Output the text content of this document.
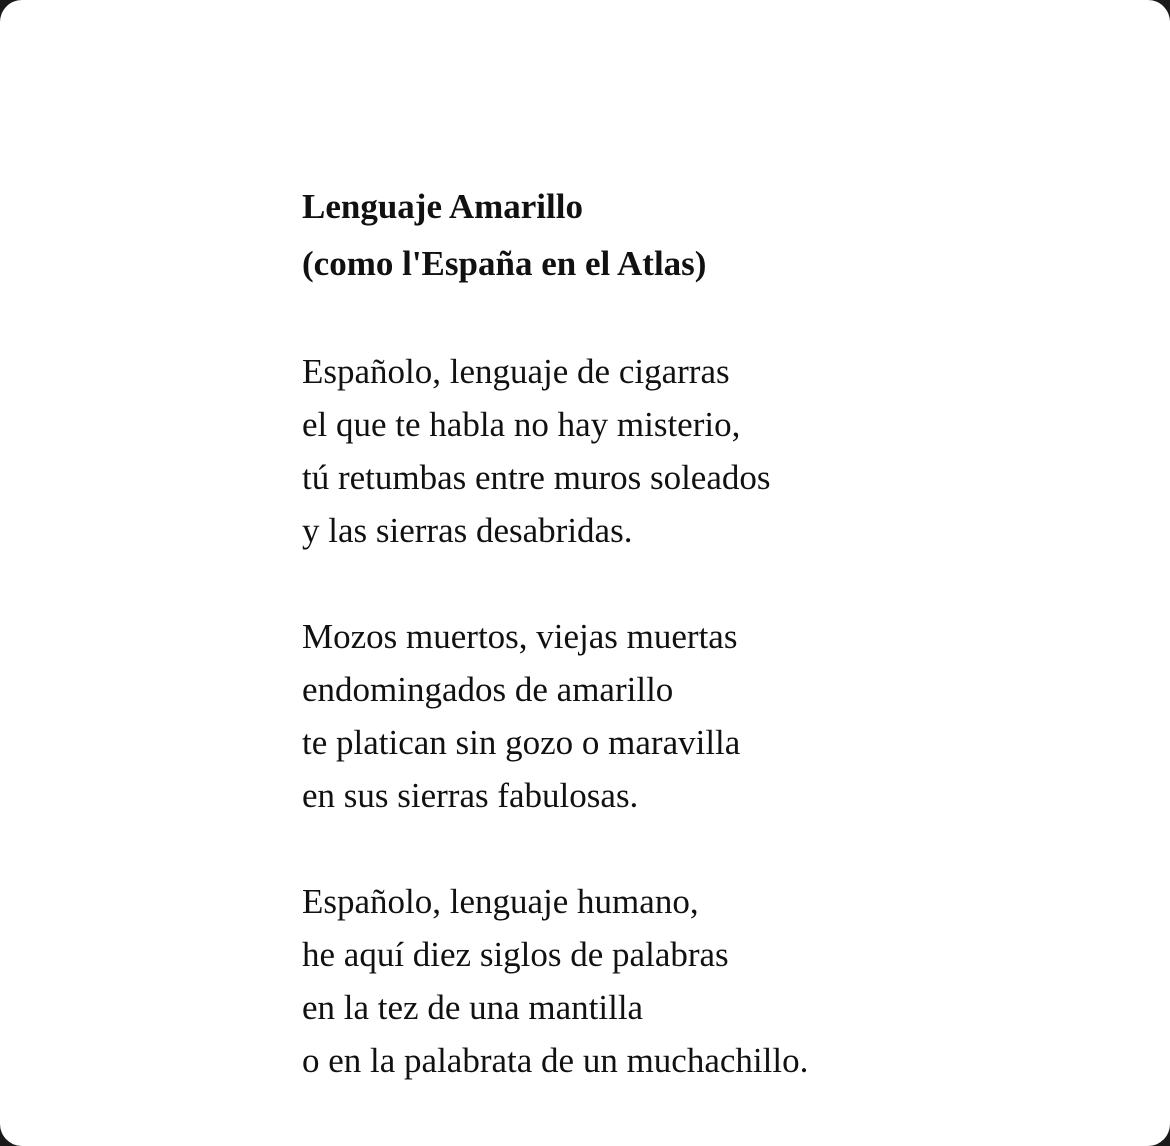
Lenguaje Amarillo

(como l'España en el Atlas)

Españolo, lenguaje de cigarras
el que te habla no hay misterio,
tú retumbas entre muros soleados
y las sierras desabridas.
Mozos muertos, viejas muertas
endomingados de amarillo
te platican sin gozo o maravilla
en sus sierras fabulosas.
Españolo, lenguaje humano,
he aquí diez siglos de palabras
en la tez de una mantilla
o en la palabrata de un muchachillo.
